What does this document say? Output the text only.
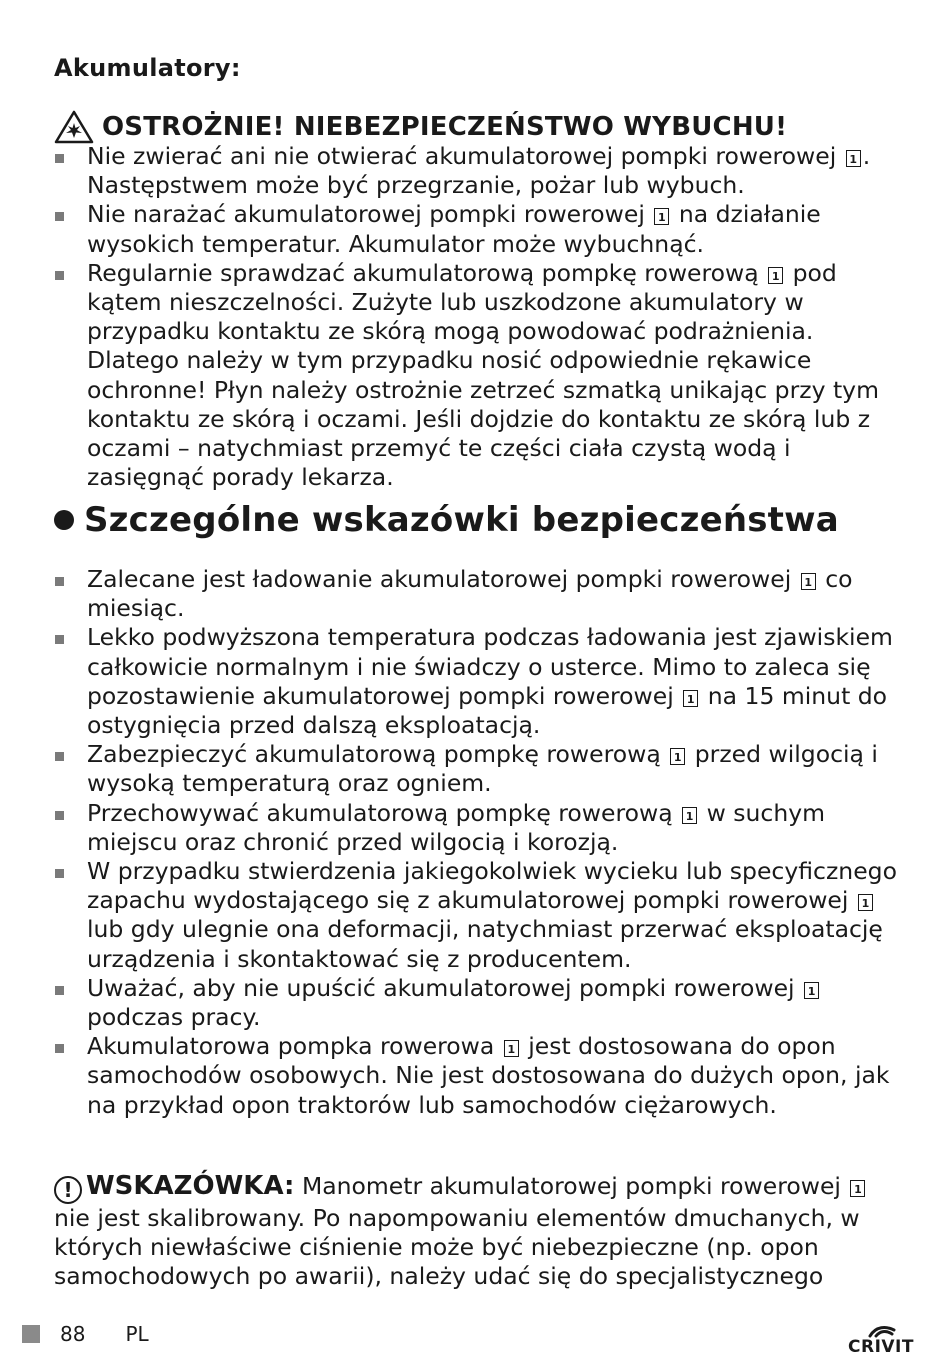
Akumulatory:
OSTROŻNIE! NIEBEZPIECZEŃSTWO WYBUCHU!
Nie zwierać ani nie otwierać akumulatorowej pompki rowerowej 1 . Następstwem może być przegrzanie, pożar lub wybuch.
Nie narażać akumulatorowej pompki rowerowej 1 na działanie wysokich temperatur. Akumulator może wybuchnąć.
Regularnie sprawdzać akumulatorową pompkę rowerową 1 pod kątem nieszczelności. Zużyte lub uszkodzone akumulatory w przypadku kontaktu ze skórą mogą powodować podrażnienia. Dlatego należy w tym przypadku nosić odpowiednie rękawice ochronne! Płyn należy ostrożnie zetrzeć szmatką unikając przy tym kontaktu ze skórą i oczami. Jeśli dojdzie do kontaktu ze skórą lub z oczami – natychmiast przemyć te części ciała czystą wodą i zasięgnąć porady lekarza.
Szczególne wskazówki bezpieczeństwa
Zalecane jest ładowanie akumulatorowej pompki rowerowej 1 co miesiąc.
Lekko podwyższona temperatura podczas ładowania jest zjawiskiem całkowicie normalnym i nie świadczy o usterce. Mimo to zaleca się pozostawienie akumulatorowej pompki rowerowej 1 na 15 minut do ostygnięcia przed dalszą eksploatacją.
Zabezpieczyć akumulatorową pompkę rowerową 1 przed wilgocią i wysoką temperaturą oraz ogniem.
Przechowywać akumulatorową pompkę rowerową 1 w suchym miejscu oraz chronić przed wilgocią i korozją.
W przypadku stwierdzenia jakiegokolwiek wycieku lub specyficznego zapachu wydostającego się z akumulatorowej pompki rowerowej 1 lub gdy ulegnie ona deformacji, natychmiast przerwać eksploatację urządzenia i skontaktować się z producentem.
Uważać, aby nie upuścić akumulatorowej pompki rowerowej 1 podczas pracy.
Akumulatorowa pompka rowerowa 1 jest dostosowana do opon samochodów osobowych. Nie jest dostosowana do dużych opon, jak na przykład opon traktorów lub samochodów ciężarowych.
! WSKAZÓWKA: Manometr akumulatorowej pompki rowerowej 1 nie jest skalibrowany. Po napompowaniu elementów dmuchanych, w których niewłaściwe ciśnienie może być niebezpieczne (np. opon samochodowych po awarii), należy udać się do specjalistycznego
88 PL
CRIVIT
